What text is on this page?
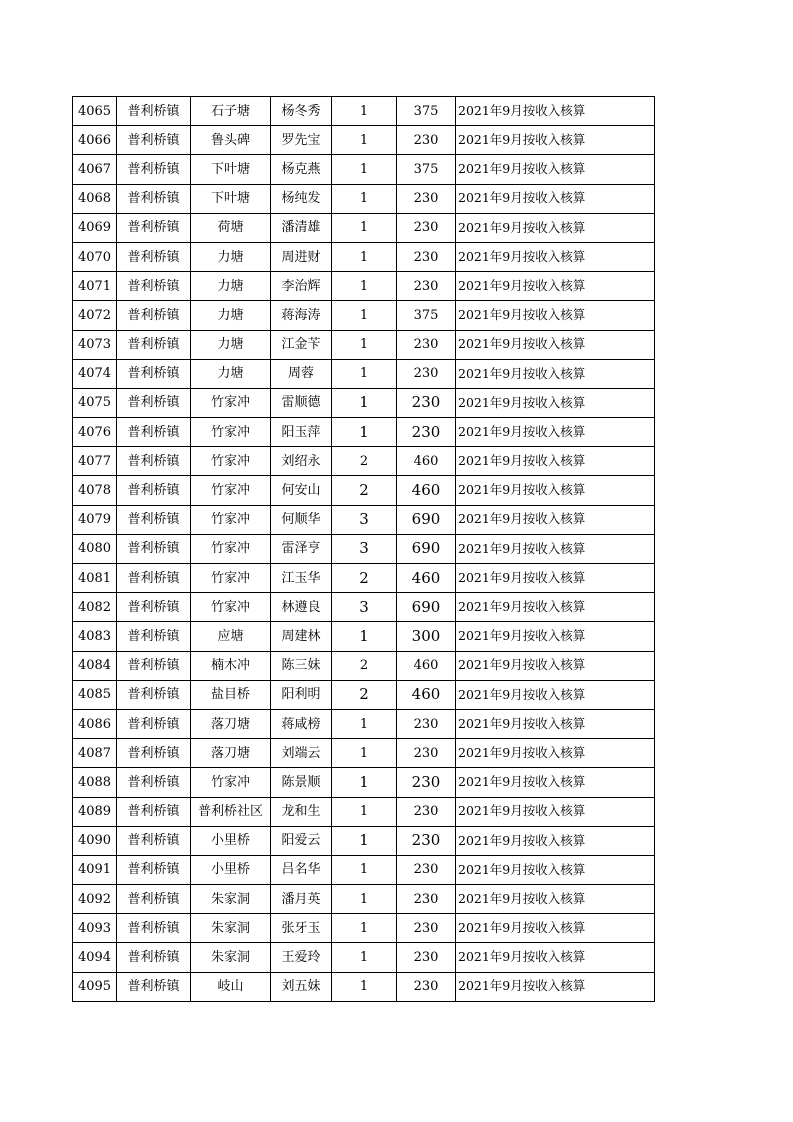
4065	普利桥镇	石子塘	杨冬秀	1	375	2021年9月按收入核算
4066	普利桥镇	鲁头碑	罗先宝	1	230	2021年9月按收入核算
4067	普利桥镇	下叶塘	杨克燕	1	375	2021年9月按收入核算
4068	普利桥镇	下叶塘	杨纯发	1	230	2021年9月按收入核算
4069	普利桥镇	荷塘	潘清雄	1	230	2021年9月按收入核算
4070	普利桥镇	力塘	周进财	1	230	2021年9月按收入核算
4071	普利桥镇	力塘	李治辉	1	230	2021年9月按收入核算
4072	普利桥镇	力塘	蒋海涛	1	375	2021年9月按收入核算
4073	普利桥镇	力塘	江金苄	1	230	2021年9月按收入核算
4074	普利桥镇	力塘	周蓉	1	230	2021年9月按收入核算
4075	普利桥镇	竹家冲	雷顺德	1	230	2021年9月按收入核算
4076	普利桥镇	竹家冲	阳玉萍	1	230	2021年9月按收入核算
4077	普利桥镇	竹家冲	刘绍永	2	460	2021年9月按收入核算
4078	普利桥镇	竹家冲	何安山	2	460	2021年9月按收入核算
4079	普利桥镇	竹家冲	何顺华	3	690	2021年9月按收入核算
4080	普利桥镇	竹家冲	雷泽亨	3	690	2021年9月按收入核算
4081	普利桥镇	竹家冲	江玉华	2	460	2021年9月按收入核算
4082	普利桥镇	竹家冲	林遵良	3	690	2021年9月按收入核算
4083	普利桥镇	应塘	周建林	1	300	2021年9月按收入核算
4084	普利桥镇	楠木冲	陈三妹	2	460	2021年9月按收入核算
4085	普利桥镇	盐目桥	阳利明	2	460	2021年9月按收入核算
4086	普利桥镇	落刀塘	蒋咸榜	1	230	2021年9月按收入核算
4087	普利桥镇	落刀塘	刘端云	1	230	2021年9月按收入核算
4088	普利桥镇	竹家冲	陈景顺	1	230	2021年9月按收入核算
4089	普利桥镇	普利桥社区	龙和生	1	230	2021年9月按收入核算
4090	普利桥镇	小里桥	阳爱云	1	230	2021年9月按收入核算
4091	普利桥镇	小里桥	吕名华	1	230	2021年9月按收入核算
4092	普利桥镇	朱家洞	潘月英	1	230	2021年9月按收入核算
4093	普利桥镇	朱家洞	张牙玉	1	230	2021年9月按收入核算
4094	普利桥镇	朱家洞	王爱玲	1	230	2021年9月按收入核算
4095	普利桥镇	岐山	刘五妹	1	230	2021年9月按收入核算
